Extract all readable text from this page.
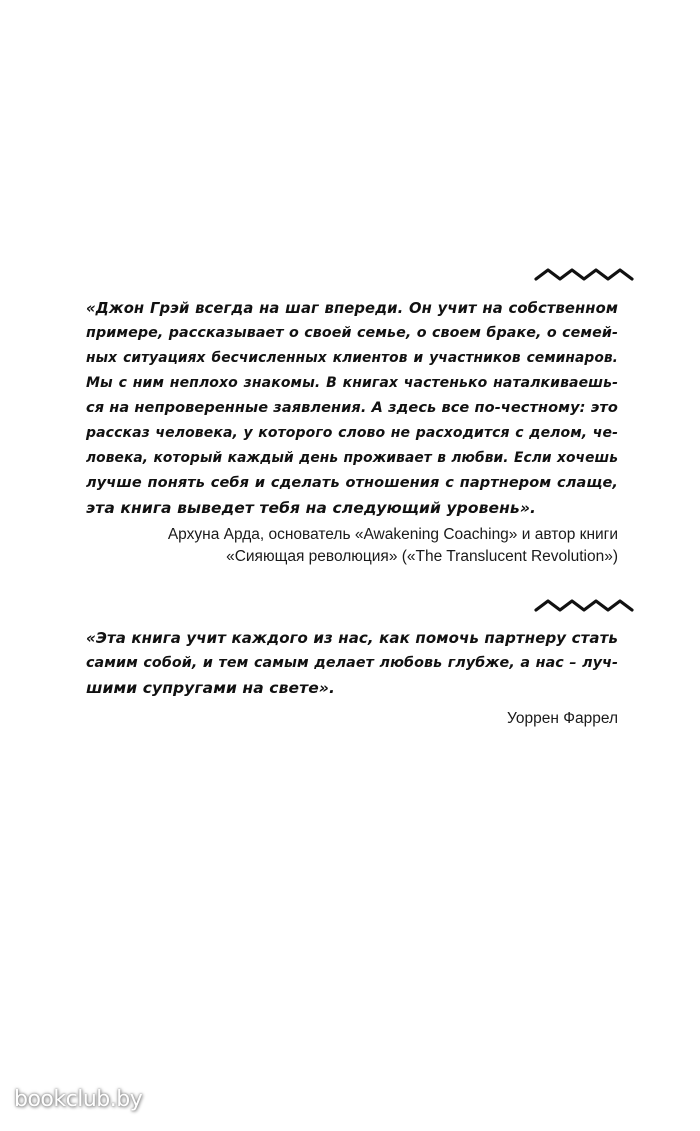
«Джон Грэй всегда на шаг впереди. Он учит на собственном
примере, рассказывает о своей семье, о своем браке, о семей-
ных ситуациях бесчисленных клиентов и участников семинаров.
Мы с ним неплохо знакомы. В книгах частенько наталкиваешь-
ся на непроверенные заявления. А здесь все по-честному: это
рассказ человека, у которого слово не расходится с делом, че-
ловека, который каждый день проживает в любви. Если хочешь
лучше понять себя и сделать отношения с партнером слаще,
эта книга выведет тебя на следующий уровень».
Архуна Арда, основатель «Awakening Coaching» и автор книги
«Сияющая революция» («The Translucent Revolution»)
«Эта книга учит каждого из нас, как помочь партнеру стать
самим собой, и тем самым делает любовь глубже, а нас – луч-
шими супругами на свете».
Уоррен Фаррел
bookclub.by
